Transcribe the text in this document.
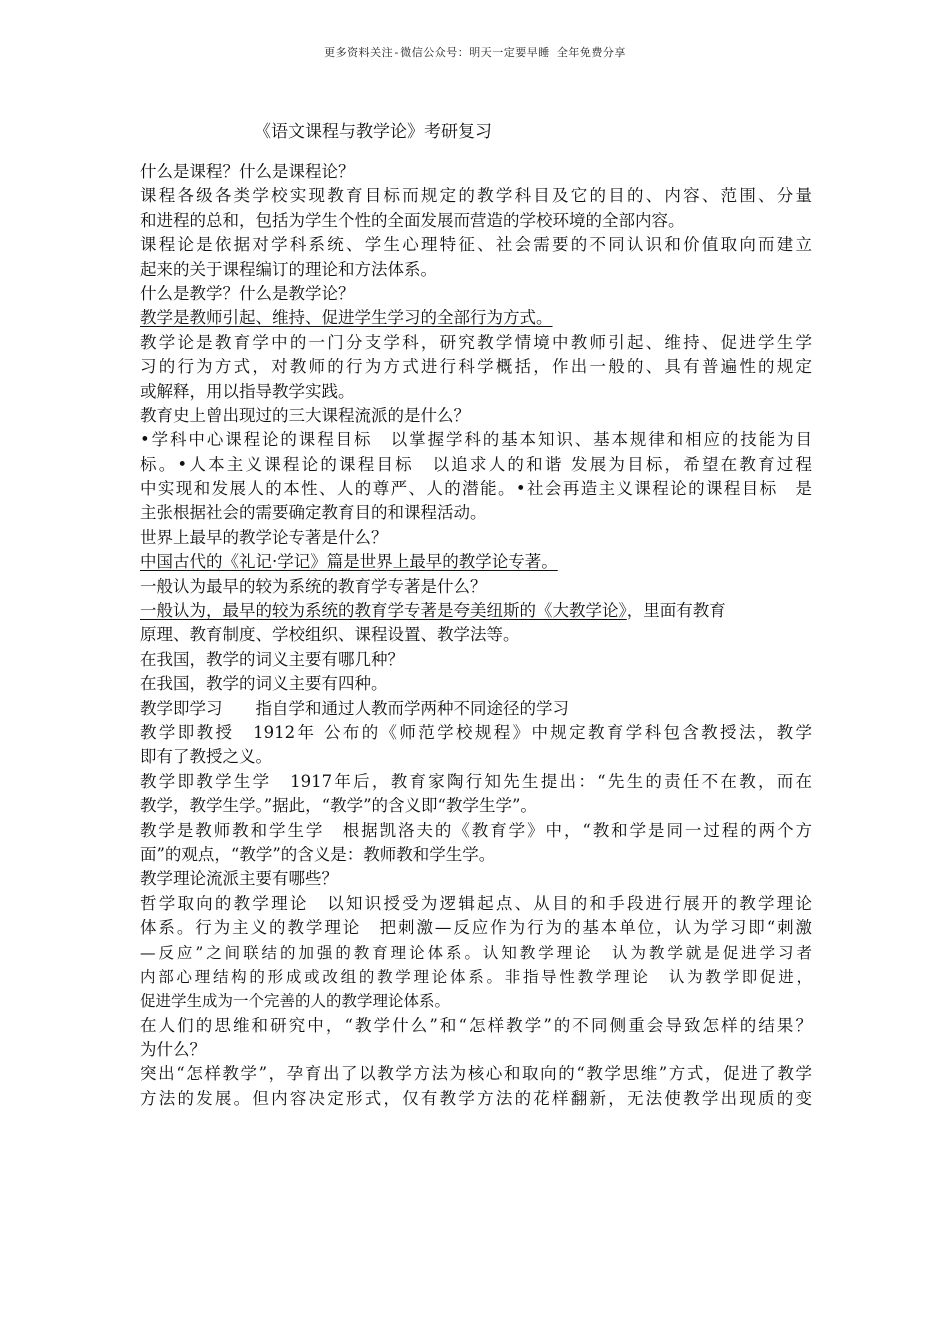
更多资料关注-微信公众号：明天一定要早睡 全年免费分享
《语文课程与教学论》考研复习
什么是课程？什么是课程论？
课程各级各类学校实现教育目标而规定的教学科目及它的目的、内容、范围、分量
和进程的总和，包括为学生个性的全面发展而营造的学校环境的全部内容。
课程论是依据对学科系统、学生心理特征、社会需要的不同认识和价值取向而建立
起来的关于课程编订的理论和方法体系。
什么是教学？什么是教学论？
教学是教师引起、维持、促进学生学习的全部行为方式。
教学论是教育学中的一门分支学科，研究教学情境中教师引起、维持、促进学生学
习的行为方式，对教师的行为方式进行科学概括，作出一般的、具有普遍性的规定
或解释，用以指导教学实践。
教育史上曾出现过的三大课程流派的是什么？
•学科中心课程论的课程目标　以掌握学科的基本知识、基本规律和相应的技能为目
标。•人本主义课程论的课程目标　以追求人的和谐 发展为目标，希望在教育过程
中实现和发展人的本性、人的尊严、人的潜能。•社会再造主义课程论的课程目标　是
主张根据社会的需要确定教育目的和课程活动。
世界上最早的教学论专著是什么？
中国古代的《礼记·学记》篇是世界上最早的教学论专著。
一般认为最早的较为系统的教育学专著是什么？
一般认为，最早的较为系统的教育学专著是夸美纽斯的《大教学论》，里面有教育
原理、教育制度、学校组织、课程设置、教学法等。
在我国，教学的词义主要有哪几种？
在我国，教学的词义主要有四种。
教学即学习　　指自学和通过人教而学两种不同途径的学习
教学即教授　1912年 公布的《师范学校规程》中规定教育学科包含教授法，教学
即有了教授之义。
教学即教学生学　1917年后，教育家陶行知先生提出：“先生的责任不在教，而在
教学，教学生学。”据此，“教学”的含义即“教学生学”。
教学是教师教和学生学　根据凯洛夫的《教育学》中，“教和学是同一过程的两个方
面”的观点，“教学”的含义是：教师教和学生学。
教学理论流派主要有哪些？
哲学取向的教学理论　以知识授受为逻辑起点、从目的和手段进行展开的教学理论
体系。行为主义的教学理论　把刺激—反应作为行为的基本单位，认为学习即“刺激
—反应”之间联结的加强的教育理论体系。认知教学理论　认为教学就是促进学习者
内部心理结构的形成或改组的教学理论体系。非指导性教学理论　认为教学即促进，
促进学生成为一个完善的人的教学理论体系。
在人们的思维和研究中，“教学什么”和“怎样教学”的不同侧重会导致怎样的结果？
为什么？
突出“怎样教学”，孕育出了以教学方法为核心和取向的“教学思维”方式，促进了教学
方法的发展。但内容决定形式，仅有教学方法的花样翻新，无法使教学出现质的变
